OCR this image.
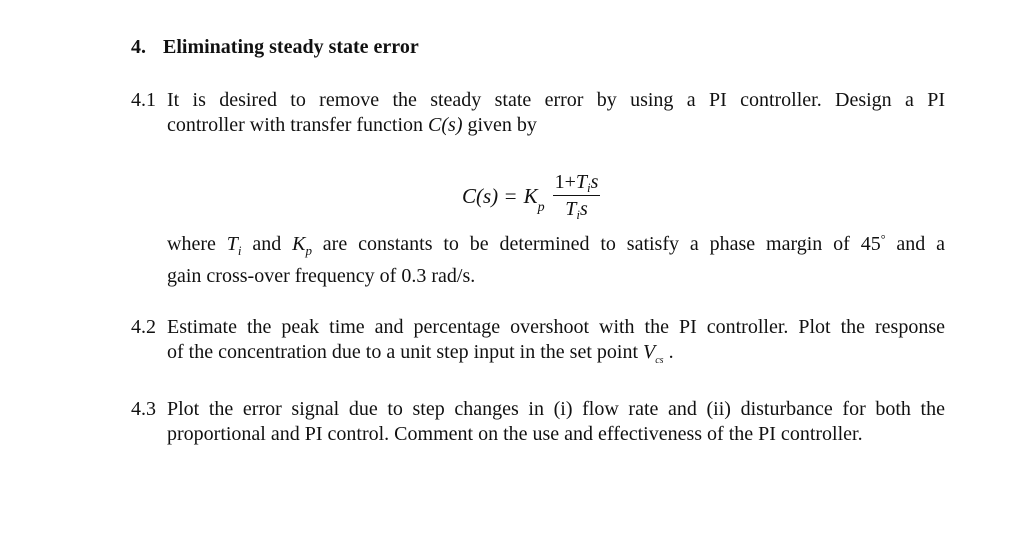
4. Eliminating steady state error
4.1 It is desired to remove the steady state error by using a PI controller. Design a PI
controller with transfer function C(s) given by
$C(s) = K_p \frac{1+T_is}{T_is}$
where $T_i$ and $K_p$ are constants to be determined to satisfy a phase margin of 45° and a
gain cross-over frequency of 0.3 rad/s.
4.2 Estimate the peak time and percentage overshoot with the PI controller. Plot the response
of the concentration due to a unit step input in the set point $V_{cs}$ .
4.3 Plot the error signal due to step changes in (i) flow rate and (ii) disturbance for both the
proportional and PI control. Comment on the use and effectiveness of the PI controller.
